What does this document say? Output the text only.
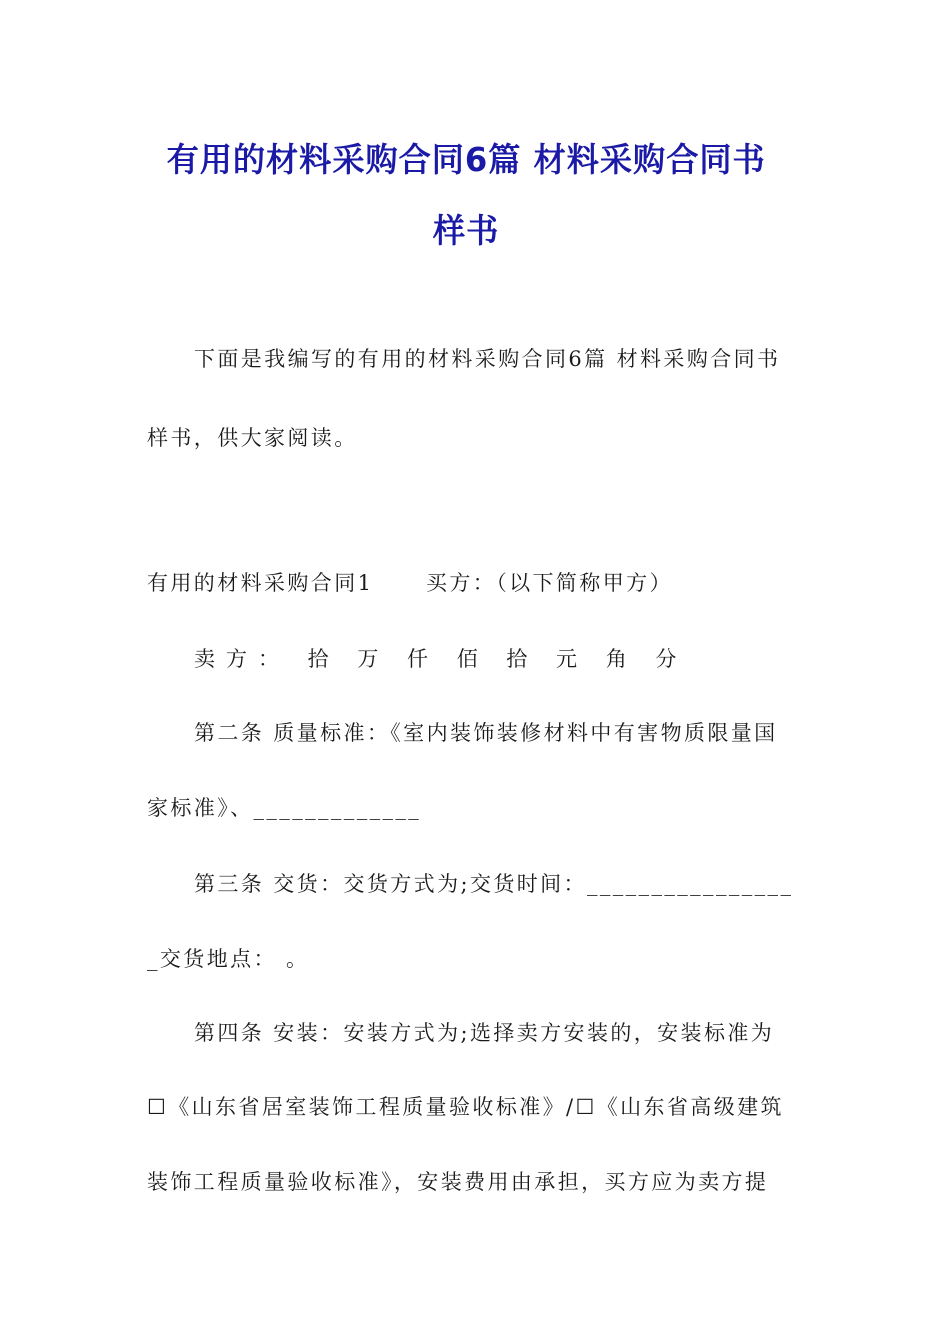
有用的材料采购合同6篇 材料采购合同书
样书
下面是我编写的有用的材料采购合同6篇 材料采购合同书
样书，供大家阅读。
有用的材料采购合同1	买方：（以下简称甲方）
卖方： 拾 万 仟 佰 拾 元 角 分
第二条 质量标准：《室内装饰装修材料中有害物质限量国
家标准》、_____________
第三条 交货：交货方式为;交货时间：________________
_交货地点： 。
第四条 安装：安装方式为;选择卖方安装的，安装标准为
☐《山东省居室装饰工程质量验收标准》/☐《山东省高级建筑
装饰工程质量验收标准》，安装费用由承担，买方应为卖方提
